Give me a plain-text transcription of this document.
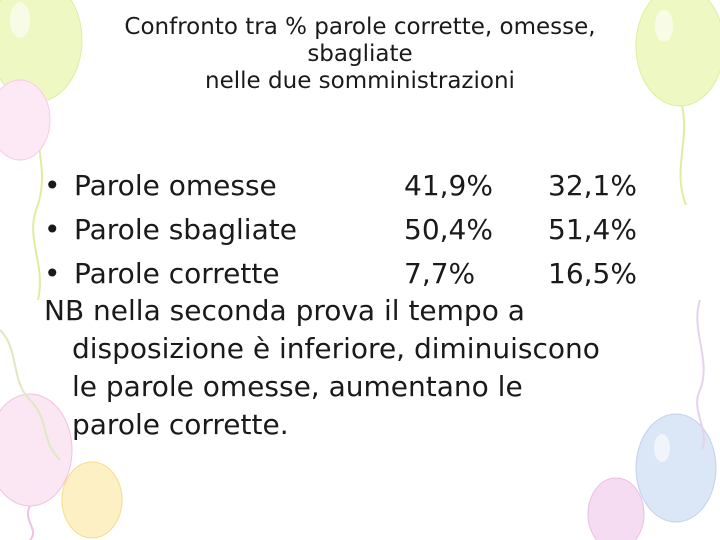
Confronto tra % parole corrette, omesse,
sbagliate
nelle due somministrazioni
• Parole omesse	41,9% 32,1%
• Parole sbagliate	50,4% 51,4%
• Parole corrette	7,7%	16,5%
NB nella seconda prova il tempo a
disposizione è inferiore, diminuiscono
le parole omesse, aumentano le
parole corrette.
